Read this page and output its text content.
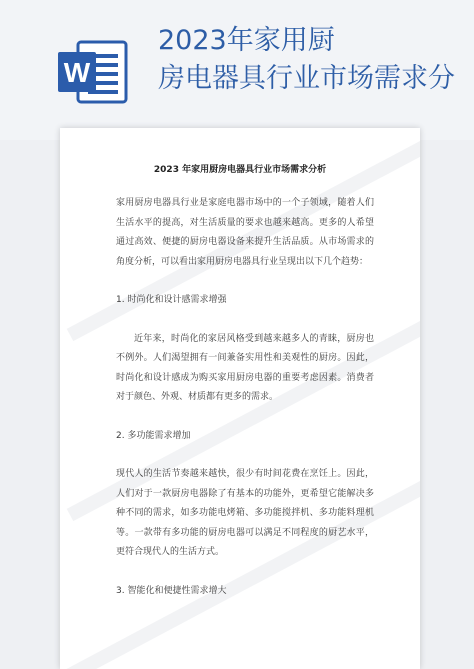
W
2023年家用厨
房电器具行业市场需求分
2023 年家用厨房电器具行业市场需求分析

家用厨房电器具行业是家庭电器市场中的一个子领域，随着人们生活水平的提高，对生活质量的要求也越来越高。更多的人希望通过高效、便捷的厨房电器设备来提升生活品质。从市场需求的角度分析，可以看出家用厨房电器具行业呈现出以下几个趋势：

1. 时尚化和设计感需求增强

近年来，时尚化的家居风格受到越来越多人的青睐，厨房也不例外。人们渴望拥有一间兼备实用性和美观性的厨房。因此，时尚化和设计感成为购买家用厨房电器的重要考虑因素。消费者对于颜色、外观、材质都有更多的需求。

2. 多功能需求增加

现代人的生活节奏越来越快，很少有时间花费在烹饪上。因此，人们对于一款厨房电器除了有基本的功能外，更希望它能解决多种不同的需求，如多功能电烤箱、多功能搅拌机、多功能料理机等。一款带有多功能的厨房电器可以满足不同程度的厨艺水平，更符合现代人的生活方式。

3. 智能化和便捷性需求增大
